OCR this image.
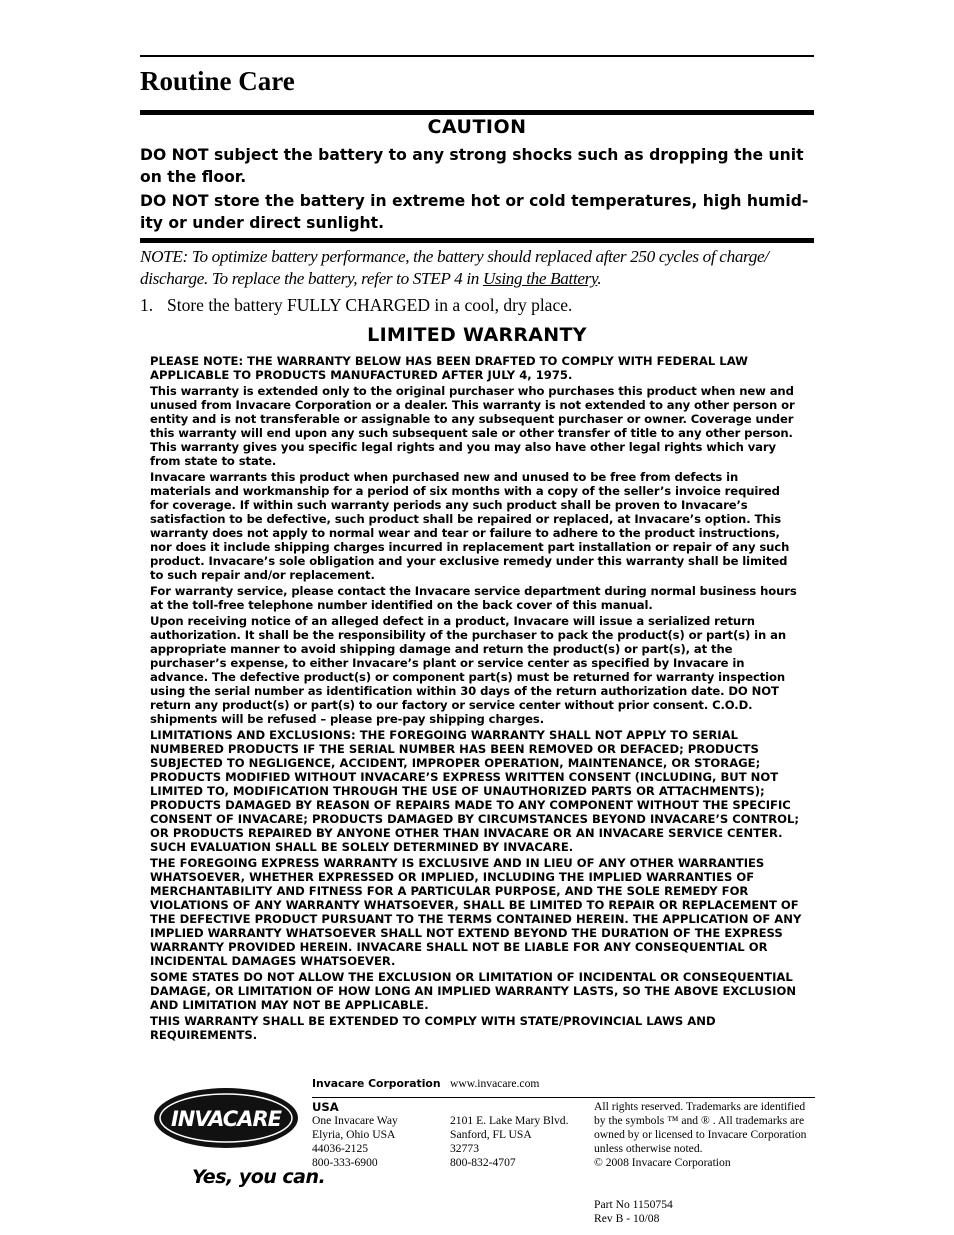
Routine Care
CAUTION
DO NOT subject the battery to any strong shocks such as dropping the unit on the floor.
DO NOT store the battery in extreme hot or cold temperatures, high humid-ity or under direct sunlight.
NOTE: To optimize battery performance, the battery should replaced after 250 cycles of charge/ discharge. To replace the battery, refer to STEP 4 in Using the Battery.
1. Store the battery FULLY CHARGED in a cool, dry place.
LIMITED WARRANTY

PLEASE NOTE: THE WARRANTY BELOW HAS BEEN DRAFTED TO COMPLY WITH FEDERAL LAW APPLICABLE TO PRODUCTS MANUFACTURED AFTER JULY 4, 1975.

This warranty is extended only to the original purchaser who purchases this product when new and unused from Invacare Corporation or a dealer. This warranty is not extended to any other person or entity and is not transferable or assignable to any subsequent purchaser or owner. Coverage under this warranty will end upon any such subsequent sale or other transfer of title to any other person. This warranty gives you specific legal rights and you may also have other legal rights which vary from state to state.

Invacare warrants this product when purchased new and unused to be free from defects in materials and workmanship for a period of six months with a copy of the seller’s invoice required for coverage. If within such warranty periods any such product shall be proven to Invacare’s satisfaction to be defective, such product shall be repaired or replaced, at Invacare’s option. This warranty does not apply to normal wear and tear or failure to adhere to the product instructions, nor does it include shipping charges incurred in replacement part installation or repair of any such product. Invacare’s sole obligation and your exclusive remedy under this warranty shall be limited to such repair and/or replacement.

For warranty service, please contact the Invacare service department during normal business hours at the toll-free telephone number identified on the back cover of this manual.

Upon receiving notice of an alleged defect in a product, Invacare will issue a serialized return authorization. It shall be the responsibility of the purchaser to pack the product(s) or part(s) in an appropriate manner to avoid shipping damage and return the product(s) or part(s), at the purchaser’s expense, to either Invacare’s plant or service center as specified by Invacare in advance. The defective product(s) or component part(s) must be returned for warranty inspection using the serial number as identification within 30 days of the return authorization date. DO NOT return any product(s) or part(s) to our factory or service center without prior consent. C.O.D. shipments will be refused – please pre-pay shipping charges.

LIMITATIONS AND EXCLUSIONS: THE FOREGOING WARRANTY SHALL NOT APPLY TO SERIAL NUMBERED PRODUCTS IF THE SERIAL NUMBER HAS BEEN REMOVED OR DEFACED; PRODUCTS SUBJECTED TO NEGLIGENCE, ACCIDENT, IMPROPER OPERATION, MAINTENANCE, OR STORAGE; PRODUCTS MODIFIED WITHOUT INVACARE’S EXPRESS WRITTEN CONSENT (INCLUDING, BUT NOT LIMITED TO, MODIFICATION THROUGH THE USE OF UNAUTHORIZED PARTS OR ATTACHMENTS); PRODUCTS DAMAGED BY REASON OF REPAIRS MADE TO ANY COMPONENT WITHOUT THE SPECIFIC CONSENT OF INVACARE; PRODUCTS DAMAGED BY CIRCUMSTANCES BEYOND INVACARE’S CONTROL; OR PRODUCTS REPAIRED BY ANYONE OTHER THAN INVACARE OR AN INVACARE SERVICE CENTER. SUCH EVALUATION SHALL BE SOLELY DETERMINED BY INVACARE.

THE FOREGOING EXPRESS WARRANTY IS EXCLUSIVE AND IN LIEU OF ANY OTHER WARRANTIES WHATSOEVER, WHETHER EXPRESSED OR IMPLIED, INCLUDING THE IMPLIED WARRANTIES OF MERCHANTABILITY AND FITNESS FOR A PARTICULAR PURPOSE, AND THE SOLE REMEDY FOR VIOLATIONS OF ANY WARRANTY WHATSOEVER, SHALL BE LIMITED TO REPAIR OR REPLACEMENT OF THE DEFECTIVE PRODUCT PURSUANT TO THE TERMS CONTAINED HEREIN. THE APPLICATION OF ANY IMPLIED WARRANTY WHATSOEVER SHALL NOT EXTEND BEYOND THE DURATION OF THE EXPRESS WARRANTY PROVIDED HEREIN. INVACARE SHALL NOT BE LIABLE FOR ANY CONSEQUENTIAL OR INCIDENTAL DAMAGES WHATSOEVER.

SOME STATES DO NOT ALLOW THE EXCLUSION OR LIMITATION OF INCIDENTAL OR CONSEQUENTIAL DAMAGE, OR LIMITATION OF HOW LONG AN IMPLIED WARRANTY LASTS, SO THE ABOVE EXCLUSION AND LIMITATION MAY NOT BE APPLICABLE.

THIS WARRANTY SHALL BE EXTENDED TO COMPLY WITH STATE/PROVINCIAL LAWS AND REQUIREMENTS.

INVACARE
Yes, you can.
Invacare Corporation www.invacare.com
USA
One Invacare Way
Elyria, Ohio USA
44036-2125
800-333-6900
2101 E. Lake Mary Blvd.
Sanford, FL USA
32773
800-832-4707
All rights reserved. Trademarks are identified by the symbols ™ and ® . All trademarks are owned by or licensed to Invacare Corporation unless otherwise noted.
© 2008 Invacare Corporation
Part No 1150754
Rev B - 10/08
